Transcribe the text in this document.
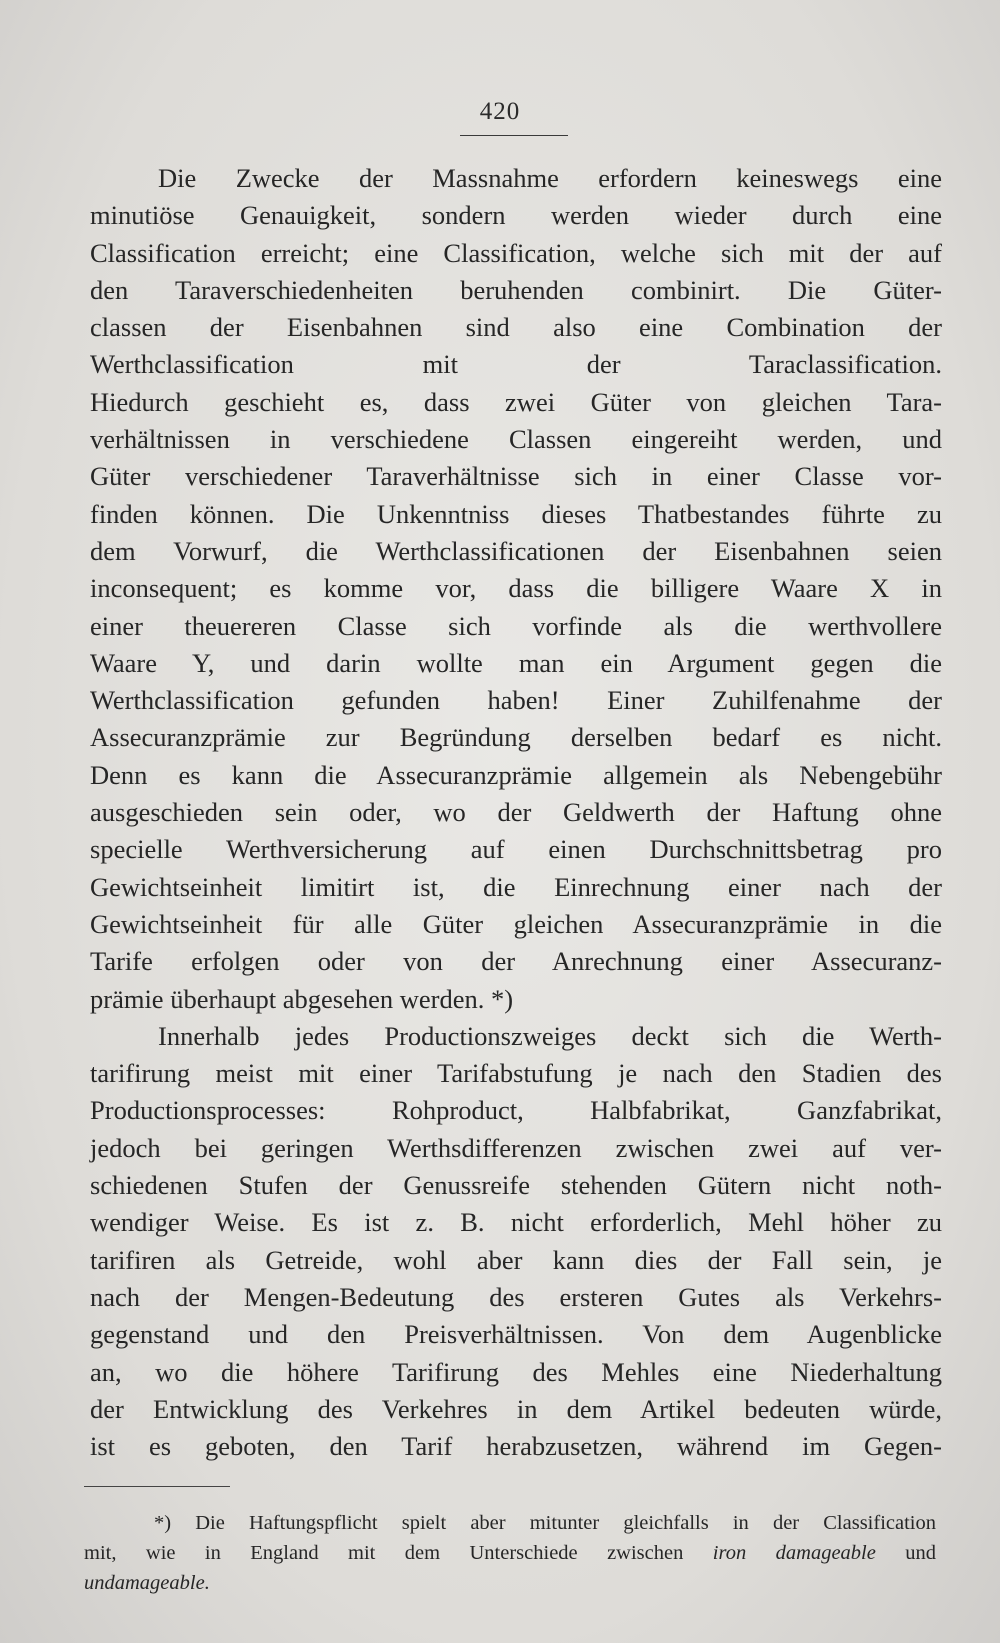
420
Die Zwecke der Massnahme erfordern keineswegs eine
minutiöse Genauigkeit, sondern werden wieder durch eine
Classification erreicht; eine Classification, welche sich mit der auf
den Taraverschiedenheiten beruhenden combinirt. Die Güter-
classen der Eisenbahnen sind also eine Combination der
Werthclassification mit der Taraclassification.
Hiedurch geschieht es, dass zwei Güter von gleichen Tara-
verhältnissen in verschiedene Classen eingereiht werden, und
Güter verschiedener Taraverhältnisse sich in einer Classe vor-
finden können. Die Unkenntniss dieses Thatbestandes führte zu
dem Vorwurf, die Werthclassificationen der Eisenbahnen seien
inconsequent; es komme vor, dass die billigere Waare X in
einer theuereren Classe sich vorfinde als die werthvollere
Waare Y, und darin wollte man ein Argument gegen die
Werthclassification gefunden haben! Einer Zuhilfenahme der
Assecuranzprämie zur Begründung derselben bedarf es nicht.
Denn es kann die Assecuranzprämie allgemein als Nebengebühr
ausgeschieden sein oder, wo der Geldwerth der Haftung ohne
specielle Werthversicherung auf einen Durchschnittsbetrag pro
Gewichtseinheit limitirt ist, die Einrechnung einer nach der
Gewichtseinheit für alle Güter gleichen Assecuranzprämie in die
Tarife erfolgen oder von der Anrechnung einer Assecuranz-
prämie überhaupt abgesehen werden. *)
Innerhalb jedes Productionszweiges deckt sich die Werth-
tarifirung meist mit einer Tarifabstufung je nach den Stadien des
Productionsprocesses: Rohproduct, Halbfabrikat, Ganzfabrikat,
jedoch bei geringen Werthsdifferenzen zwischen zwei auf ver-
schiedenen Stufen der Genussreife stehenden Gütern nicht noth-
wendiger Weise. Es ist z. B. nicht erforderlich, Mehl höher zu
tarifiren als Getreide, wohl aber kann dies der Fall sein, je
nach der Mengen-Bedeutung des ersteren Gutes als Verkehrs-
gegenstand und den Preisverhältnissen. Von dem Augenblicke
an, wo die höhere Tarifirung des Mehles eine Niederhaltung
der Entwicklung des Verkehres in dem Artikel bedeuten würde,
ist es geboten, den Tarif herabzusetzen, während im Gegen-
*) Die Haftungspflicht spielt aber mitunter gleichfalls in der Classification
mit, wie in England mit dem Unterschiede zwischen iron damageable und
undamageable.
